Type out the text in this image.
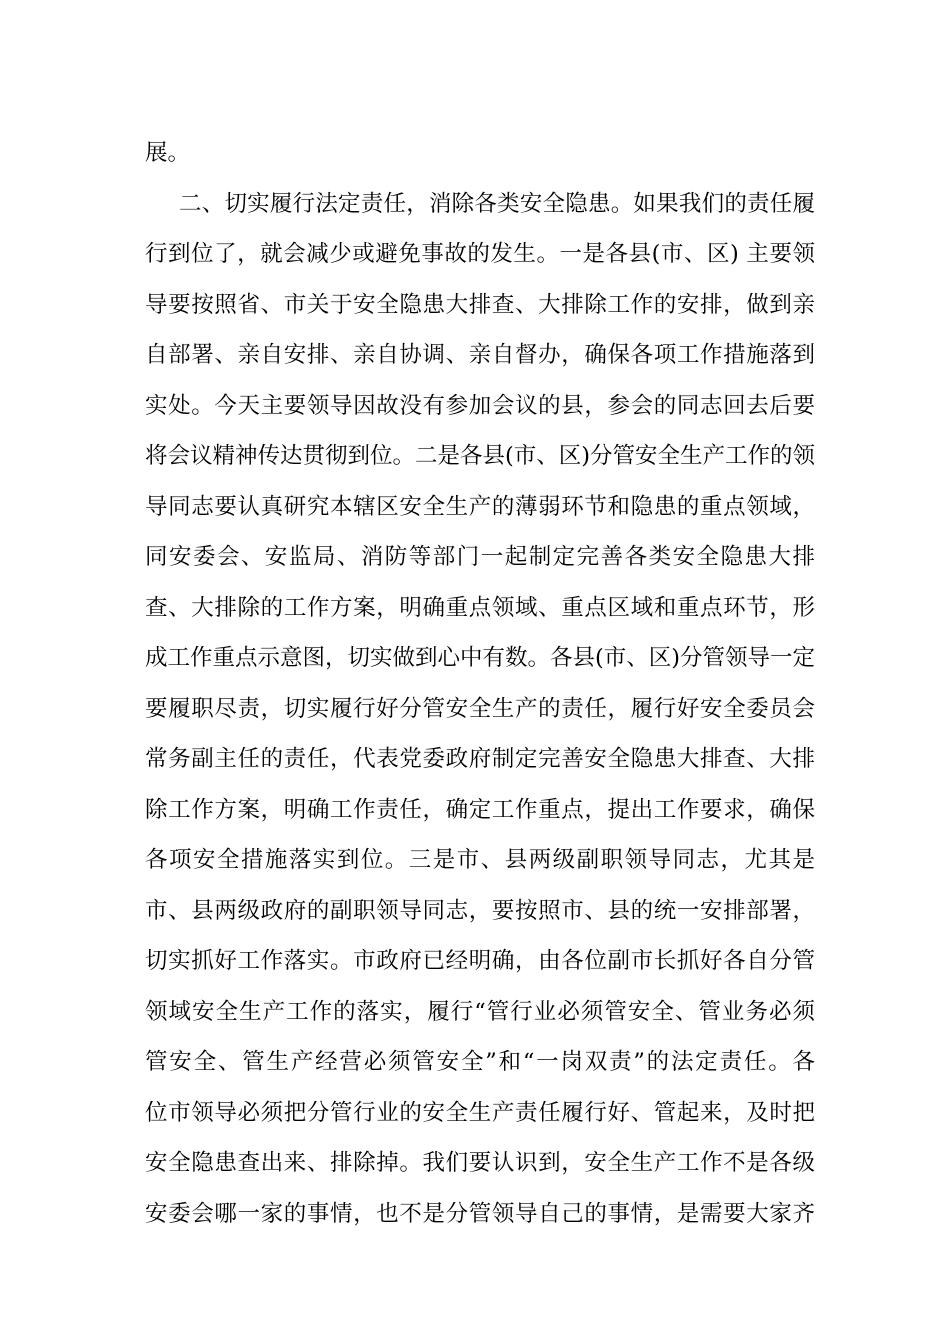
展。
二、切实履行法定责任，消除各类安全隐患。如果我们的责任履
行到位了，就会减少或避免事故的发生。一是各县(市、区) 主要领
导要按照省、市关于安全隐患大排查、大排除工作的安排，做到亲
自部署、亲自安排、亲自协调、亲自督办，确保各项工作措施落到
实处。今天主要领导因故没有参加会议的县，参会的同志回去后要
将会议精神传达贯彻到位。二是各县(市、区)分管安全生产工作的领
导同志要认真研究本辖区安全生产的薄弱环节和隐患的重点领域，
同安委会、安监局、消防等部门一起制定完善各类安全隐患大排
查、大排除的工作方案，明确重点领域、重点区域和重点环节，形
成工作重点示意图，切实做到心中有数。各县(市、区)分管领导一定
要履职尽责，切实履行好分管安全生产的责任，履行好安全委员会
常务副主任的责任，代表党委政府制定完善安全隐患大排查、大排
除工作方案，明确工作责任，确定工作重点，提出工作要求，确保
各项安全措施落实到位。三是市、县两级副职领导同志，尤其是
市、县两级政府的副职领导同志，要按照市、县的统一安排部署，
切实抓好工作落实。市政府已经明确，由各位副市长抓好各自分管
领域安全生产工作的落实，履行“管行业必须管安全、管业务必须
管安全、管生产经营必须管安全”和“一岗双责”的法定责任。各
位市领导必须把分管行业的安全生产责任履行好、管起来，及时把
安全隐患查出来、排除掉。我们要认识到，安全生产工作不是各级
安委会哪一家的事情，也不是分管领导自己的事情，是需要大家齐
